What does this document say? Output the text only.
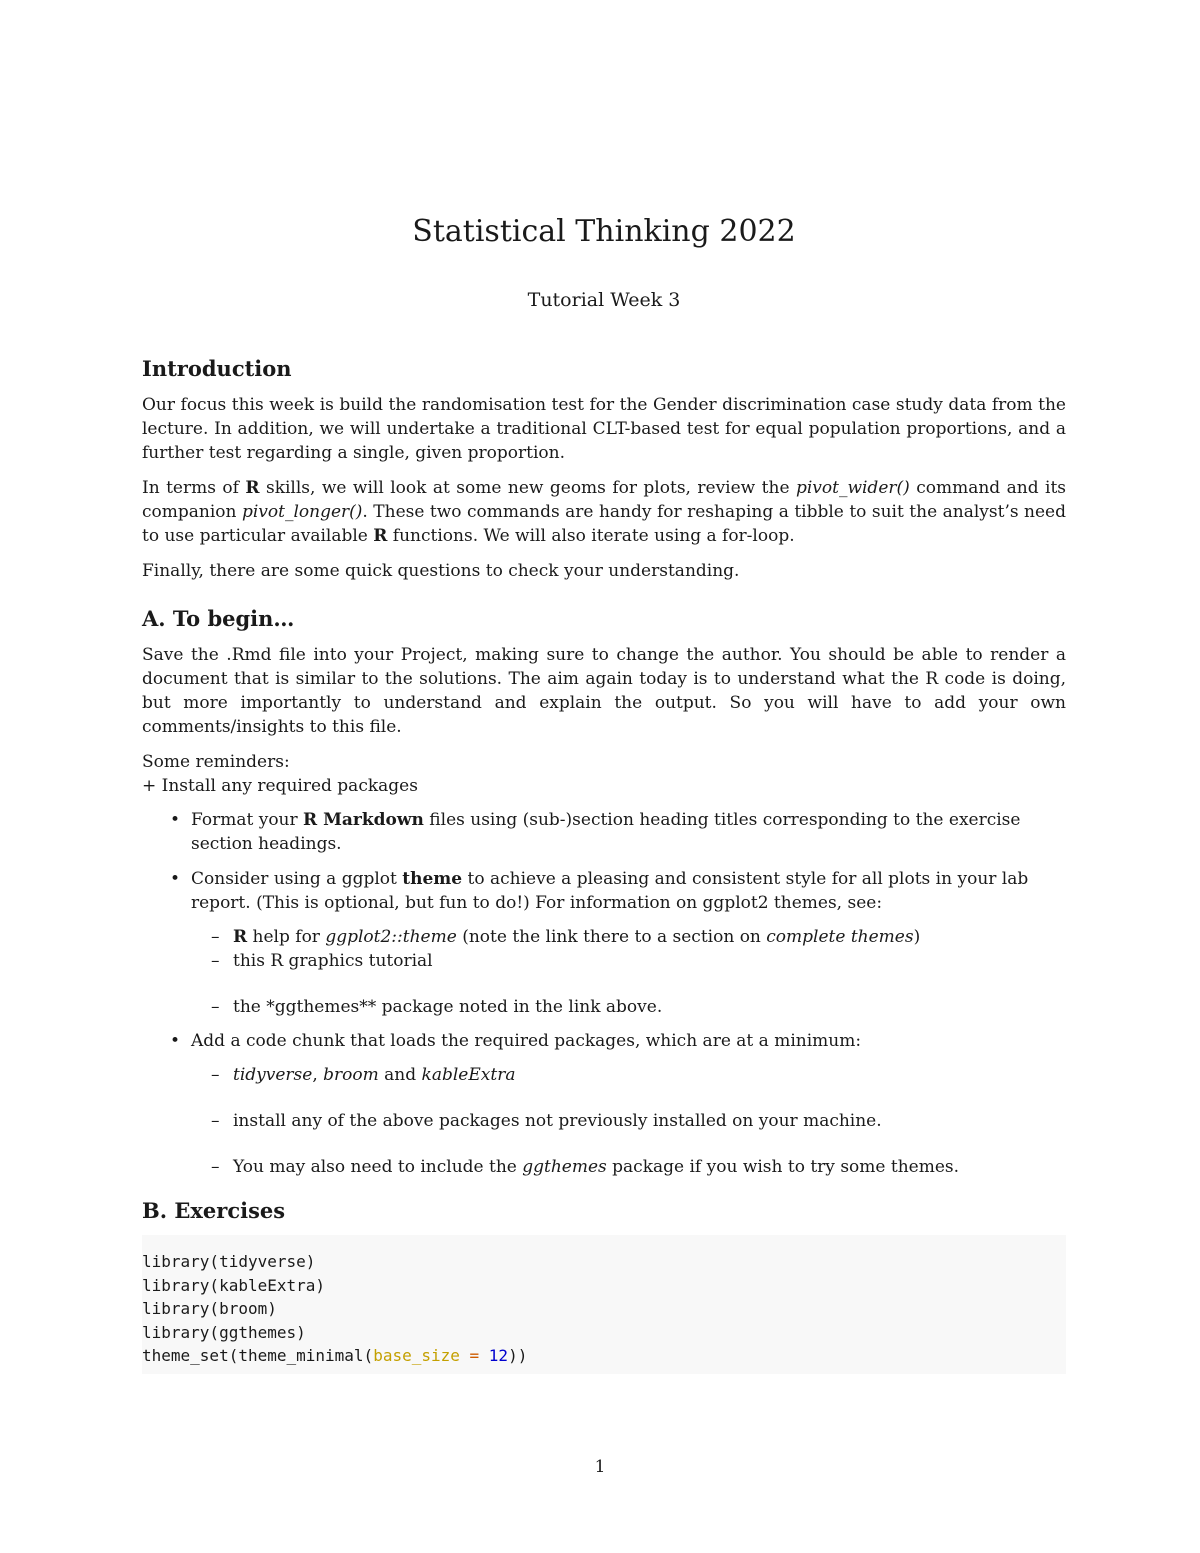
Statistical Thinking 2022
Tutorial Week 3
Introduction

Our focus this week is build the randomisation test for the Gender discrimination case study data from the lecture. In addition, we will undertake a traditional CLT-based test for equal population proportions, and a further test regarding a single, given proportion.

In terms of R skills, we will look at some new geoms for plots, review the pivot_wider() command and its companion pivot_longer(). These two commands are handy for reshaping a tibble to suit the analyst’s need to use particular available R functions. We will also iterate using a for-loop.

Finally, there are some quick questions to check your understanding.

A. To begin…

Save the .Rmd file into your Project, making sure to change the author. You should be able to render a document that is similar to the solutions. The aim again today is to understand what the R code is doing, but more importantly to understand and explain the output. So you will have to add your own comments/insights to this file.

Some reminders:
+ Install any required packages
• Format your R Markdown files using (sub-)section heading titles corresponding to the exercise section headings.
• Consider using a ggplot theme to achieve a pleasing and consistent style for all plots in your lab report. (This is optional, but fun to do!) For information on ggplot2 themes, see:
– R help for ggplot2::theme (note the link there to a section on complete themes)
– this R graphics tutorial
– the *ggthemes** package noted in the link above.
• Add a code chunk that loads the required packages, which are at a minimum:
– tidyverse, broom and kableExtra
– install any of the above packages not previously installed on your machine.
– You may also need to include the ggthemes package if you wish to try some themes.
B. Exercises
library(tidyverse)
library(kableExtra)
library(broom)
library(ggthemes)
theme_set(theme_minimal(base_size = 12))
1
